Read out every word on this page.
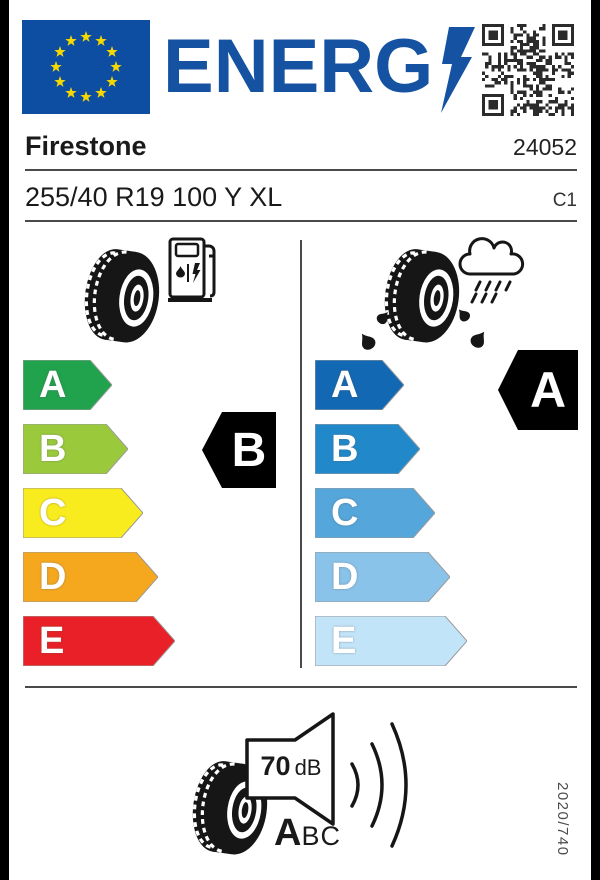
ENERG
Firestone	24052
255/40 R19 100 Y XL	C1
A
B
C
D
E
B
A
B
C
D
E
A
70 dB
A BC	2020/740
